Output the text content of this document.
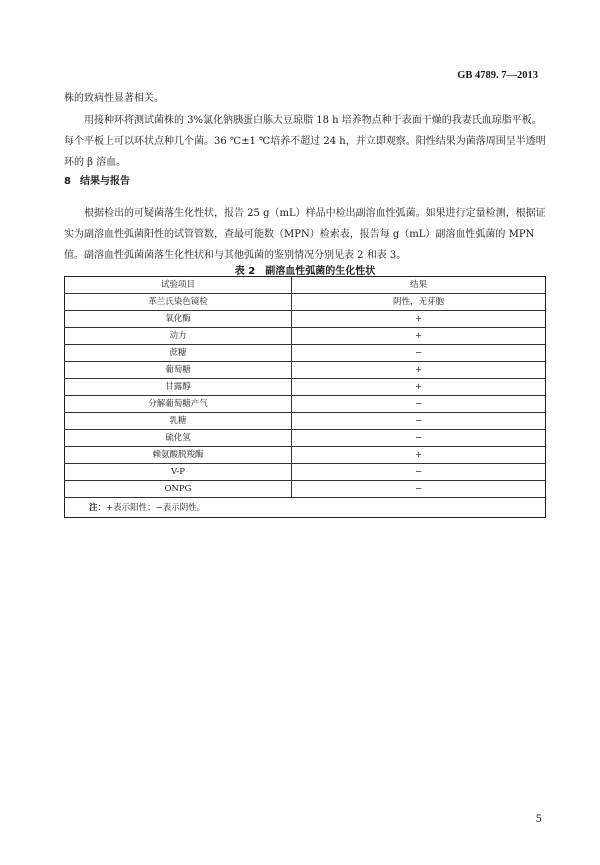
GB 4789. 7—2013

株的致病性显著相关。

用接种环将测试菌株的 3%氯化钠胰蛋白胨大豆琼脂 18 h 培养物点种于表面干燥的我妻氏血琼脂平板。每个平板上可以环状点种几个菌。36 ℃±1 ℃培养不超过 24 h，并立即观察。阳性结果为菌落周围呈半透明环的 β 溶血。

8 结果与报告

根据检出的可疑菌落生化性状，报告 25 g（mL）样品中检出副溶血性弧菌。如果进行定量检测，根据证实为副溶血性弧菌阳性的试管管数，查最可能数（MPN）检索表，报告每 g（mL）副溶血性弧菌的 MPN 值。副溶血性弧菌菌落生化性状和与其他弧菌的鉴别情况分别见表 2 和表 3。

表 2　副溶血性弧菌的生化性状
试验项目	结果
革兰氏染色镜检	阴性，无芽胞
氧化酶	+
动力	+
蔗糖	−
葡萄糖	+
甘露醇	+
分解葡萄糖产气	−
乳糖	−
硫化氢	−
赖氨酸脱羧酶	+
V-P	−
ONPG	−
注：+表示阳性；−表示阴性。	
5
